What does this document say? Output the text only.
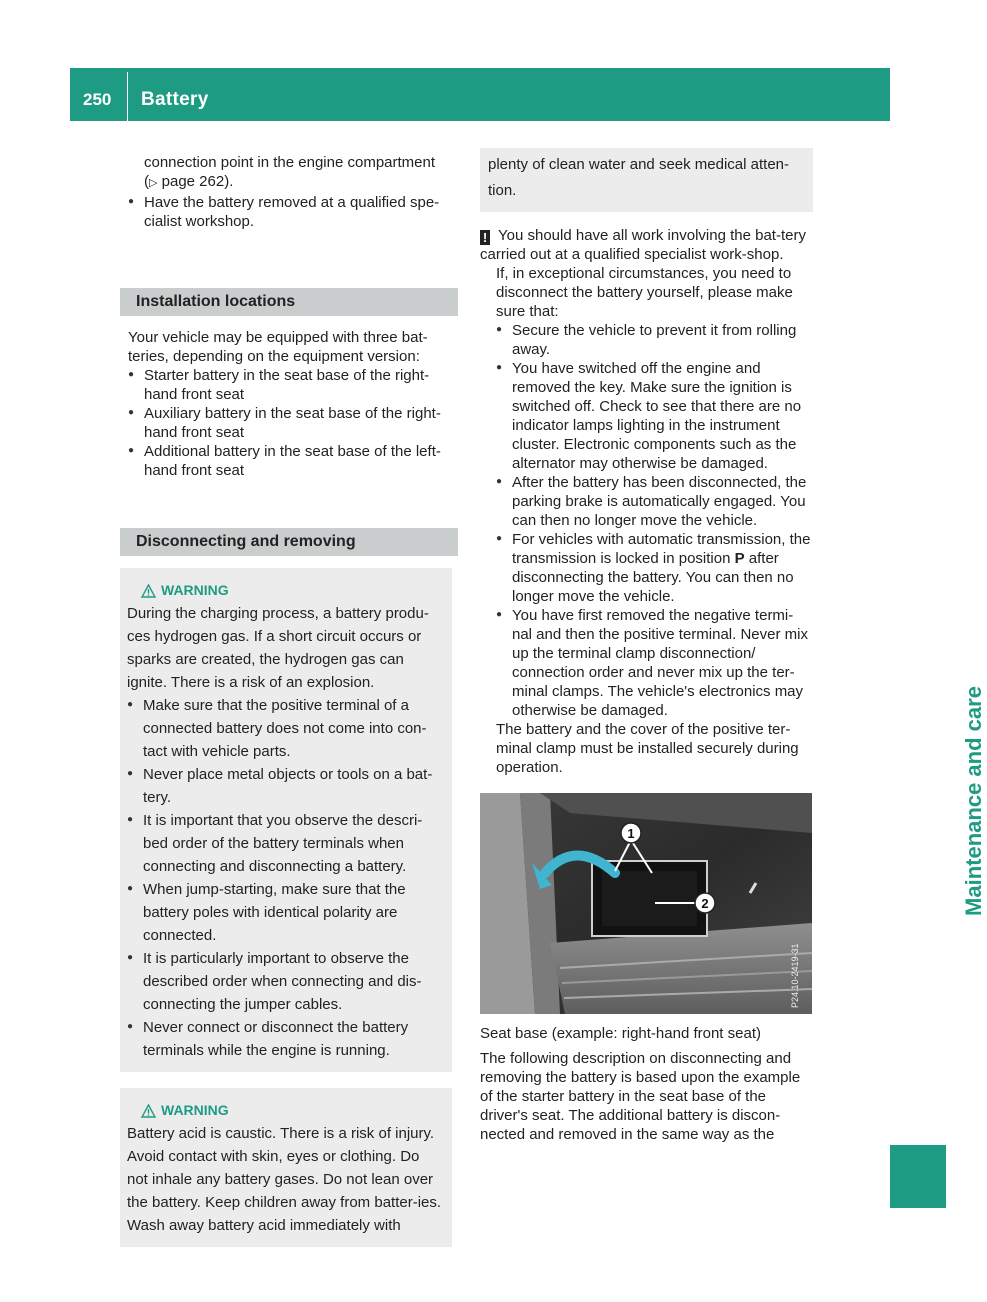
250	Battery
Maintenance and care

connection point in the engine compartment
(▷ page 262).

● Have the battery removed at a qualified spe-cialist workshop.
Installation locations

Your vehicle may be equipped with three bat-teries, depending on the equipment version:

● Starter battery in the seat base of the right-hand front seat
● Auxiliary battery in the seat base of the right-hand front seat
● Additional battery in the seat base of the left-hand front seat
Disconnecting and removing
WARNING

During the charging process, a battery produ-ces hydrogen gas. If a short circuit occurs or sparks are created, the hydrogen gas can ignite. There is a risk of an explosion.

● Make sure that the positive terminal of a connected battery does not come into con-tact with vehicle parts.
● Never place metal objects or tools on a bat-tery.
● It is important that you observe the descri-bed order of the battery terminals when connecting and disconnecting a battery.
● When jump-starting, make sure that the battery poles with identical polarity are connected.
● It is particularly important to observe the described order when connecting and dis-connecting the jumper cables.
● Never connect or disconnect the battery terminals while the engine is running.
WARNING

Battery acid is caustic. There is a risk of injury. Avoid contact with skin, eyes or clothing. Do not inhale any battery gases. Do not lean over the battery. Keep children away from batter-ies. Wash away battery acid immediately with

plenty of clean water and seek medical atten-tion.

! You should have all work involving the bat-tery carried out at a qualified specialist work-shop.

If, in exceptional circumstances, you need to disconnect the battery yourself, please make sure that:

● Secure the vehicle to prevent it from rolling away.
● You have switched off the engine and removed the key. Make sure the ignition is switched off. Check to see that there are no indicator lamps lighting in the instrument cluster. Electronic components such as the alternator may otherwise be damaged.
● After the battery has been disconnected, the parking brake is automatically engaged. You can then no longer move the vehicle.
● For vehicles with automatic transmission, the transmission is locked in position P after disconnecting the battery. You can then no longer move the vehicle.
● You have first removed the negative termi-nal and then the positive terminal. Never mix up the terminal clamp disconnection/ connection order and never mix up the ter-minal clamps. The vehicle's electronics may otherwise be damaged.

The battery and the cover of the positive ter-minal clamp must be installed securely during operation.

1
2
P24.10-2419-31

Seat base (example: right-hand front seat)

The following description on disconnecting and removing the battery is based upon the example of the starter battery in the seat base of the driver's seat. The additional battery is discon-nected and removed in the same way as the
